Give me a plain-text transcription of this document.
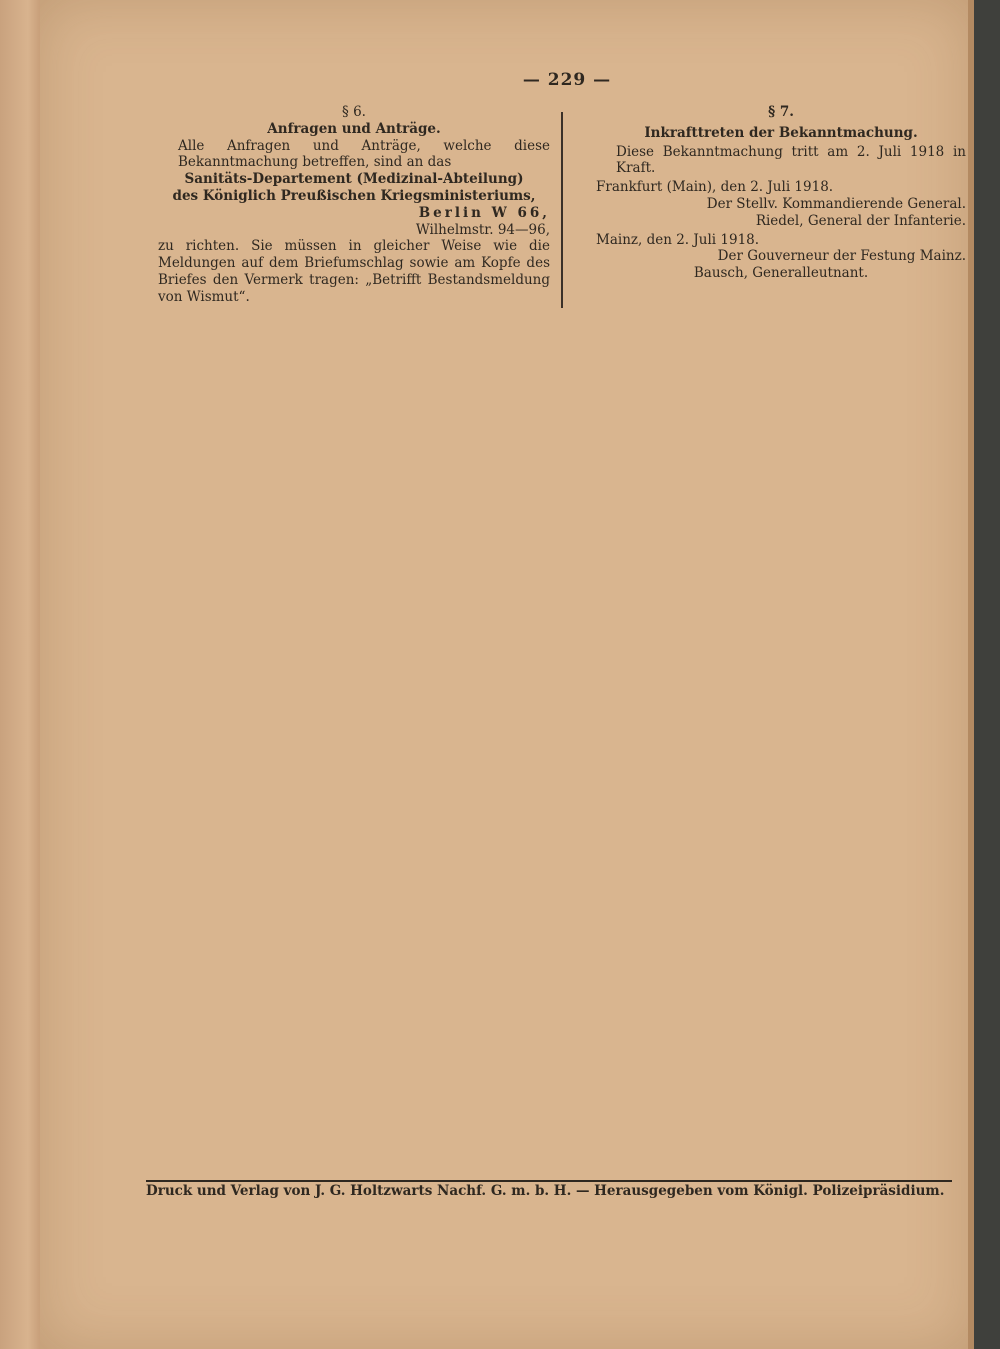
— 229 —
§ 6.
Anfragen und Anträge.

Alle Anfragen und Anträge, welche diese Bekanntmachung betreffen, sind an das

Sanitäts-Departement (Medizinal-Abteilung)
des Königlich Preußischen Kriegsministeriums,
Berlin W 66,
Wilhelmstr. 94—96,

zu richten. Sie müssen in gleicher Weise wie die Meldungen auf dem Briefumschlag sowie am Kopfe des Briefes den Vermerk tragen: „Betrifft Bestandsmeldung von Wismut“.

§ 7.
Inkrafttreten der Bekanntmachung.

Diese Bekanntmachung tritt am 2. Juli 1918 in Kraft.

Frankfurt (Main), den 2. Juli 1918.
Der Stellv. Kommandierende General.
Riedel, General der Infanterie.
Mainz, den 2. Juli 1918.
Der Gouverneur der Festung Mainz.
Bausch, Generalleutnant.
Druck und Verlag von J. G. Holtzwarts Nachf. G. m. b. H. — Herausgegeben vom Königl. Polizeipräsidium.
